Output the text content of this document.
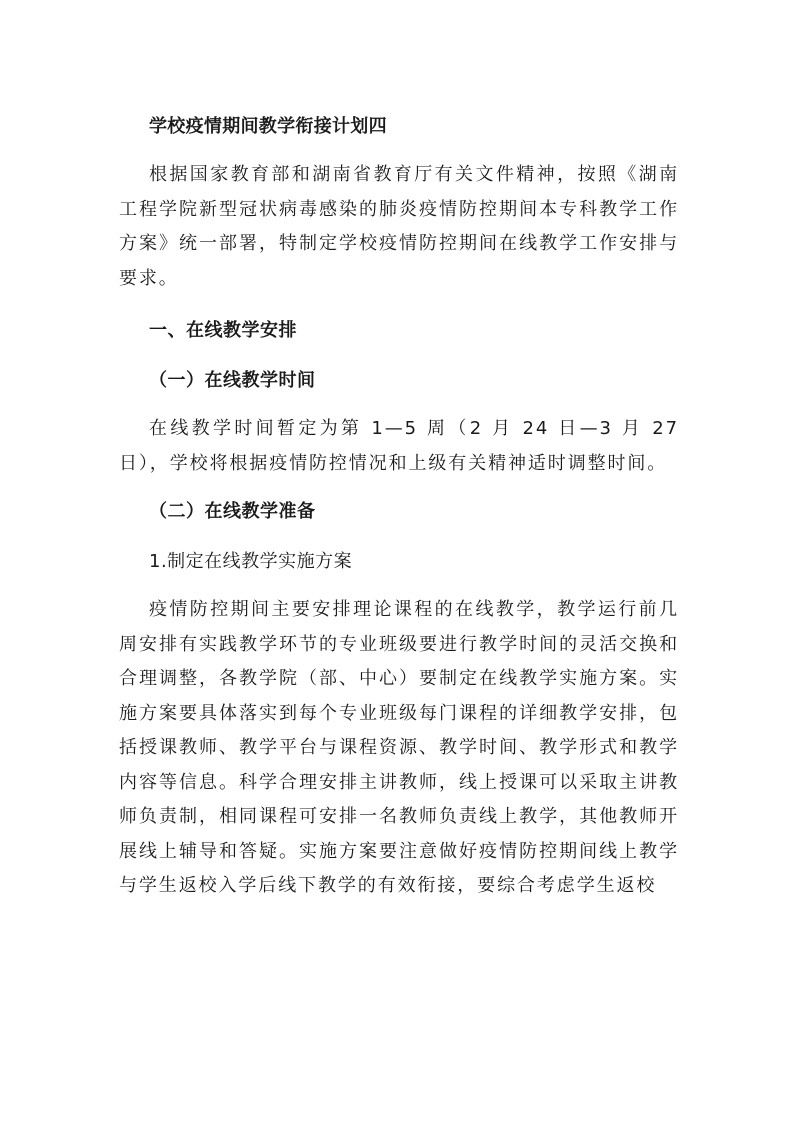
学校疫情期间教学衔接计划四

根据国家教育部和湖南省教育厅有关文件精神，按照《湖南工程学院新型冠状病毒感染的肺炎疫情防控期间本专科教学工作方案》统一部署，特制定学校疫情防控期间在线教学工作安排与要求。

一、在线教学安排

（一）在线教学时间

在线教学时间暂定为第 1—5 周（2 月 24 日—3 月 27 日），学校将根据疫情防控情况和上级有关精神适时调整时间。

（二）在线教学准备

1.制定在线教学实施方案

疫情防控期间主要安排理论课程的在线教学，教学运行前几周安排有实践教学环节的专业班级要进行教学时间的灵活交换和合理调整，各教学院（部、中心）要制定在线教学实施方案。实施方案要具体落实到每个专业班级每门课程的详细教学安排，包括授课教师、教学平台与课程资源、教学时间、教学形式和教学内容等信息。科学合理安排主讲教师，线上授课可以采取主讲教师负责制，相同课程可安排一名教师负责线上教学，其他教师开展线上辅导和答疑。实施方案要注意做好疫情防控期间线上教学与学生返校入学后线下教学的有效衔接，要综合考虑学生返校
